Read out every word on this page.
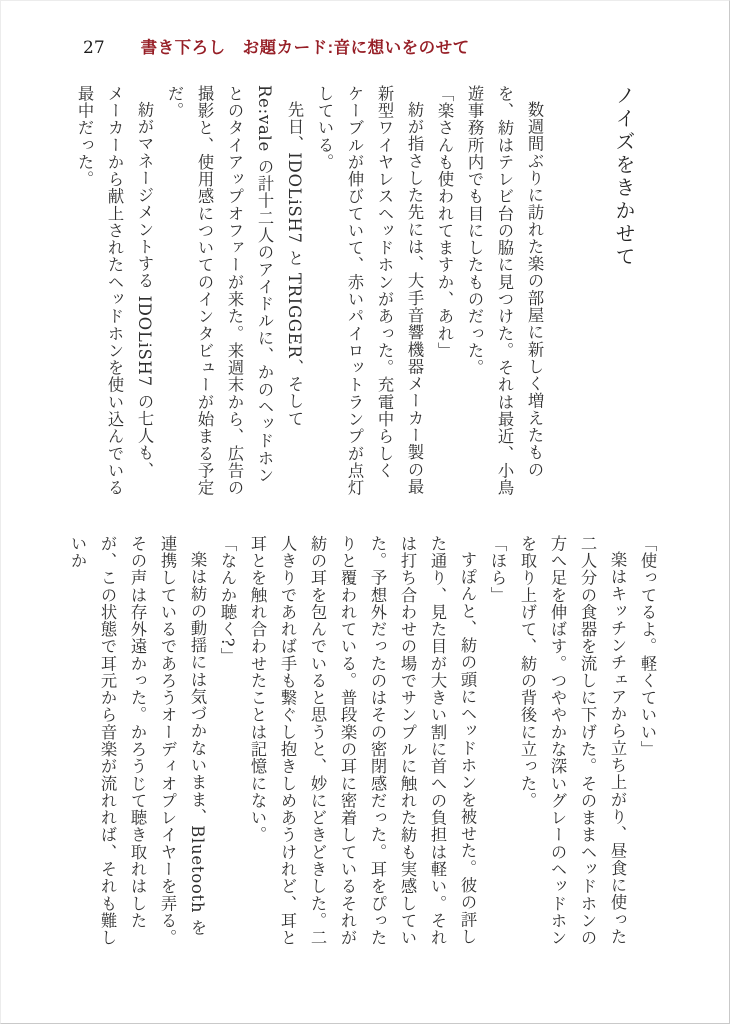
27 書き下ろし　お題カード:音に想いをのせて
ノイズをきかせて

数週間ぶりに訪れた楽の部屋に新しく増えたものを、紡はテレビ台の脇に見つけた。それは最近、小鳥遊事務所内でも目にしたものだった。

「楽さんも使われてますか、あれ」

紡が指さした先には、大手音響機器メーカー製の最新型ワイヤレスヘッドホンがあった。充電中らしくケーブルが伸びていて、赤いパイロットランプが点灯している。

先日、IDOLiSH7 と TRIGGER、そして Re:vale の計十二人のアイドルに、かのヘッドホンとのタイアップオファーが来た。来週末から、広告の撮影と、使用感についてのインタビューが始まる予定だ。

紡がマネージメントする IDOLiSH7 の七人も、メーカーから献上されたヘッドホンを使い込んでいる最中だった。

「使ってるよ。軽くていい」

楽はキッチンチェアから立ち上がり、昼食に使った二人分の食器を流しに下げた。そのままヘッドホンの方へ足を伸ばす。つややかな深いグレーのヘッドホンを取り上げて、紡の背後に立った。

「ほら」

すぽんと、紡の頭にヘッドホンを被せた。彼の評した通り、見た目が大きい割に首への負担は軽い。それは打ち合わせの場でサンプルに触れた紡も実感していた。予想外だったのはその密閉感だった。耳をぴったりと覆われている。普段楽の耳に密着しているそれが紡の耳を包んでいると思うと、妙にどきどきした。二人きりであれば手も繋ぐし抱きしめあうけれど、耳と耳とを触れ合わせたことは記憶にない。

「なんか聴く?」

楽は紡の動揺には気づかないまま、Bluetooth を連携しているであろうオーディオプレイヤーを弄る。その声は存外遠かった。かろうじて聴き取れはしたが、この状態で耳元から音楽が流れれば、それも難しいか
